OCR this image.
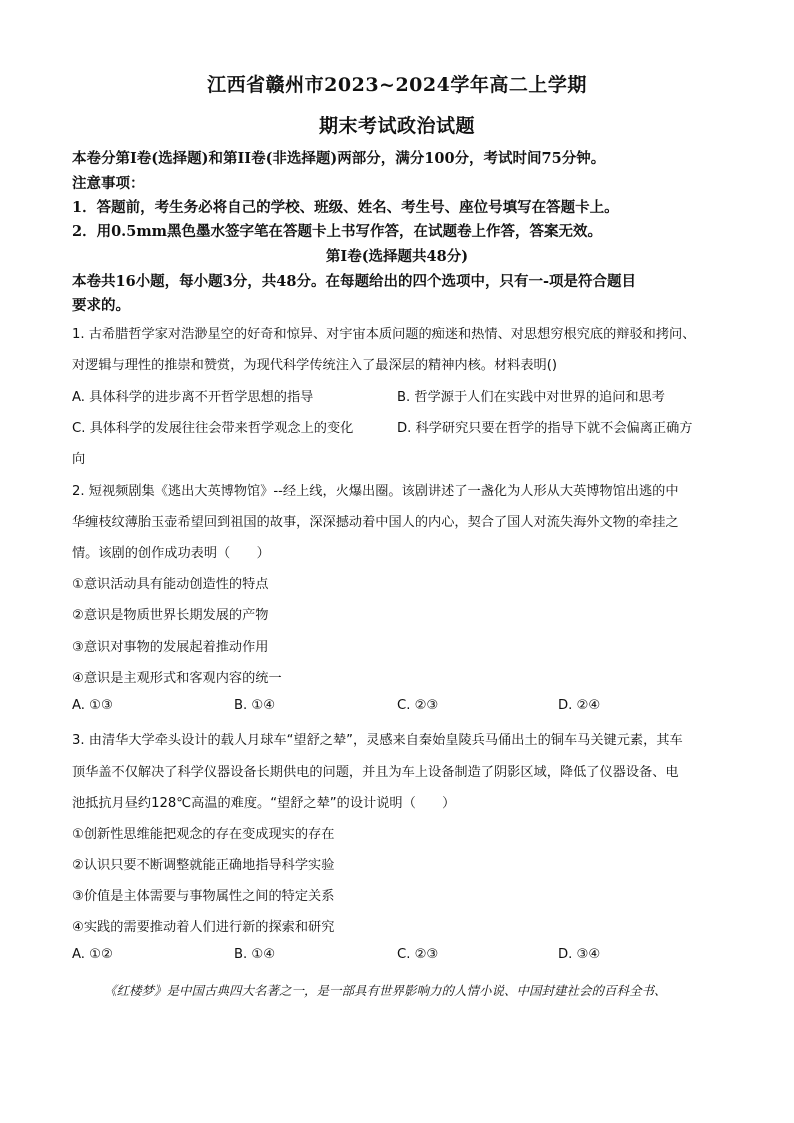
江西省赣州市2023~2024学年高二上学期
期末考试政治试题
本卷分第Ⅰ卷(选择题)和第II卷(非选择题)两部分，满分100分，考试时间75分钟。
注意事项：
1．答题前，考生务必将自己的学校、班级、姓名、考生号、座位号填写在答题卡上。
2．用0.5mm黑色墨水签字笔在答题卡上书写作答，在试题卷上作答，答案无效。
第Ⅰ卷(选择题共48分)
本卷共16小题，每小题3分，共48分。在每题给出的四个选项中，只有一-项是符合题目
要求的。
1. 古希腊哲学家对浩渺星空的好奇和惊异、对宇宙本质问题的痴迷和热情、对思想穷根究底的辩驳和拷问、
对逻辑与理性的推崇和赞赏，为现代科学传统注入了最深层的精神内核。材料表明()
A. 具体科学的进步离不开哲学思想的指导	B. 哲学源于人们在实践中对世界的追问和思考
C. 具体科学的发展往往会带来哲学观念上的变化	D. 科学研究只要在哲学的指导下就不会偏离正确方
向
2. 短视频剧集《逃出大英博物馆》--经上线，火爆出圈。该剧讲述了一盏化为人形从大英博物馆出逃的中
华缠枝纹薄胎玉壶希望回到祖国的故事，深深撼动着中国人的内心，契合了国人对流失海外文物的牵挂之
情。该剧的创作成功表明（　　）
①意识活动具有能动创造性的特点
②意识是物质世界长期发展的产物
③意识对事物的发展起着推动作用
④意识是主观形式和客观内容的统一
A. ①③	B. ①④	C. ②③	D. ②④
3. 由清华大学牵头设计的载人月球车“望舒之辇”，灵感来自秦始皇陵兵马俑出土的铜车马关键元素，其车
顶华盖不仅解决了科学仪器设备长期供电的问题，并且为车上设备制造了阴影区域，降低了仪器设备、电
池抵抗月昼约128℃高温的难度。“望舒之辇”的设计说明（　　）
①创新性思维能把观念的存在变成现实的存在
②认识只要不断调整就能正确地指导科学实验
③价值是主体需要与事物属性之间的特定关系
④实践的需要推动着人们进行新的探索和研究
A. ①②	B. ①④	C. ②③	D. ③④
《红楼梦》是中国古典四大名著之一，是一部具有世界影响力的人情小说、中国封建社会的百科全书、
